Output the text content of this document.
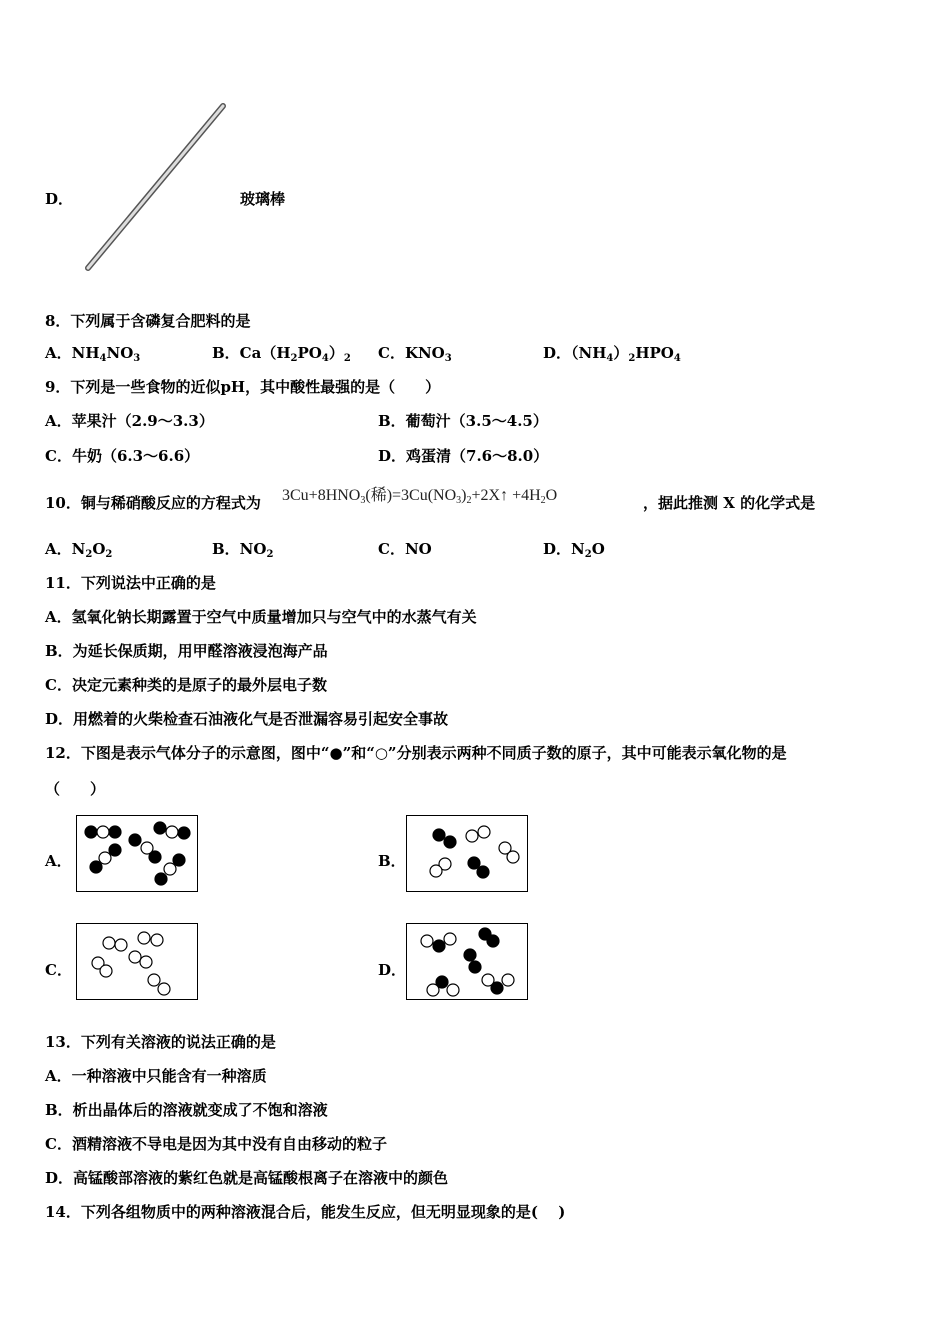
D．	玻璃棒
8．下列属于含磷复合肥料的是
A．$NH_4NO_3$	B．$Ca(H_2PO_4)_2$ C．$KNO_3$	D．$(NH_4)_2HPO_4$
9．下列是一些食物的近似pH，其中酸性最强的是（　　）
A．苹果汁（2.9～3.3）	B．葡萄汁（3.5～4.5）
C．牛奶（6.3～6.6）	D．鸡蛋清（7.6～8.0）
10．铜与稀硝酸反应的方程式为 $3Cu+8HNO_3$(稀)$=3Cu(NO_3)_2+2X↑ +4H_2O$	，据此推测 X 的化学式是
A．$N_2O_2$	B．$NO_2$	C．NO	D．$N_2O$
11．下列说法中正确的是
A．氢氧化钠长期露置于空气中质量增加只与空气中的水蒸气有关
B．为延长保质期，用甲醛溶液浸泡海产品
C．决定元素种类的是原子的最外层电子数
D．用燃着的火柴检查石油液化气是否泄漏容易引起安全事故
12．下图是表示气体分子的示意图，图中“●”和“○”分别表示两种不同质子数的原子，其中可能表示氧化物的是
（　　）
A．	B．
C．	D．
13．下列有关溶液的说法正确的是
A．一种溶液中只能含有一种溶质
B．析出晶体后的溶液就变成了不饱和溶液
C．酒精溶液不导电是因为其中没有自由移动的粒子
D．高锰酸部溶液的紫红色就是高锰酸根离子在溶液中的颜色
14．下列各组物质中的两种溶液混合后，能发生反应，但无明显现象的是(　 )
